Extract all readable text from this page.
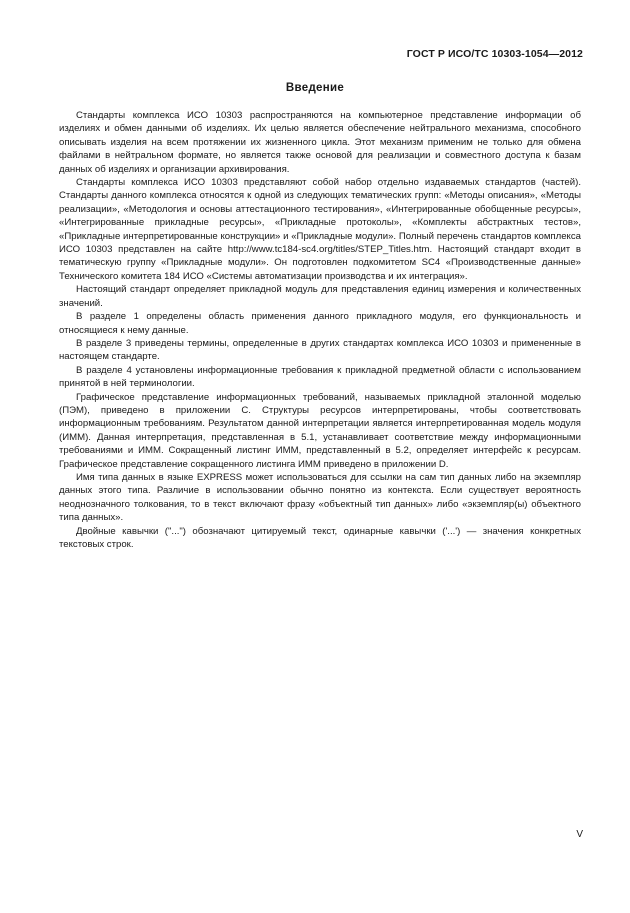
ГОСТ Р ИСО/ТС 10303-1054—2012
Введение

Стандарты комплекса ИСО 10303 распространяются на компьютерное представление информации об изделиях и обмен данными об изделиях. Их целью является обеспечение нейтрального механизма, способного описывать изделия на всем протяжении их жизненного цикла. Этот механизм применим не только для обмена файлами в нейтральном формате, но является также основой для реализации и совместного доступа к базам данных об изделиях и организации архивирования.

Стандарты комплекса ИСО 10303 представляют собой набор отдельно издаваемых стандартов (частей). Стандарты данного комплекса относятся к одной из следующих тематических групп: «Методы описания», «Методы реализации», «Методология и основы аттестационного тестирования», «Интегрированные обобщенные ресурсы», «Интегрированные прикладные ресурсы», «Прикладные протоколы», «Комплекты абстрактных тестов», «Прикладные интерпретированные конструкции» и «Прикладные модули». Полный перечень стандартов комплекса ИСО 10303 представлен на сайте http://www.tc184-sc4.org/titles/STEP_Titles.htm. Настоящий стандарт входит в тематическую группу «Прикладные модули». Он подготовлен подкомитетом SC4 «Производственные данные» Технического комитета 184 ИСО «Системы автоматизации производства и их интеграция».

Настоящий стандарт определяет прикладной модуль для представления единиц измерения и количественных значений.

В разделе 1 определены область применения данного прикладного модуля, его функциональность и относящиеся к нему данные.

В разделе 3 приведены термины, определенные в других стандартах комплекса ИСО 10303 и примененные в настоящем стандарте.

В разделе 4 установлены информационные требования к прикладной предметной области с использованием принятой в ней терминологии.

Графическое представление информационных требований, называемых прикладной эталонной моделью (ПЭМ), приведено в приложении С. Структуры ресурсов интерпретированы, чтобы соответствовать информационным требованиям. Результатом данной интерпретации является интерпретированная модель модуля (ИММ). Данная интерпретация, представленная в 5.1, устанавливает соответствие между информационными требованиями и ИММ. Сокращенный листинг ИММ, представленный в 5.2, определяет интерфейс к ресурсам. Графическое представление сокращенного листинга ИММ приведено в приложении D.

Имя типа данных в языке EXPRESS может использоваться для ссылки на сам тип данных либо на экземпляр данных этого типа. Различие в использовании обычно понятно из контекста. Если существует вероятность неоднозначного толкования, то в текст включают фразу «объектный тип данных» либо «экземпляр(ы) объектного типа данных».

Двойные кавычки ("...") обозначают цитируемый текст, одинарные кавычки ('...') — значения конкретных текстовых строк.

V
